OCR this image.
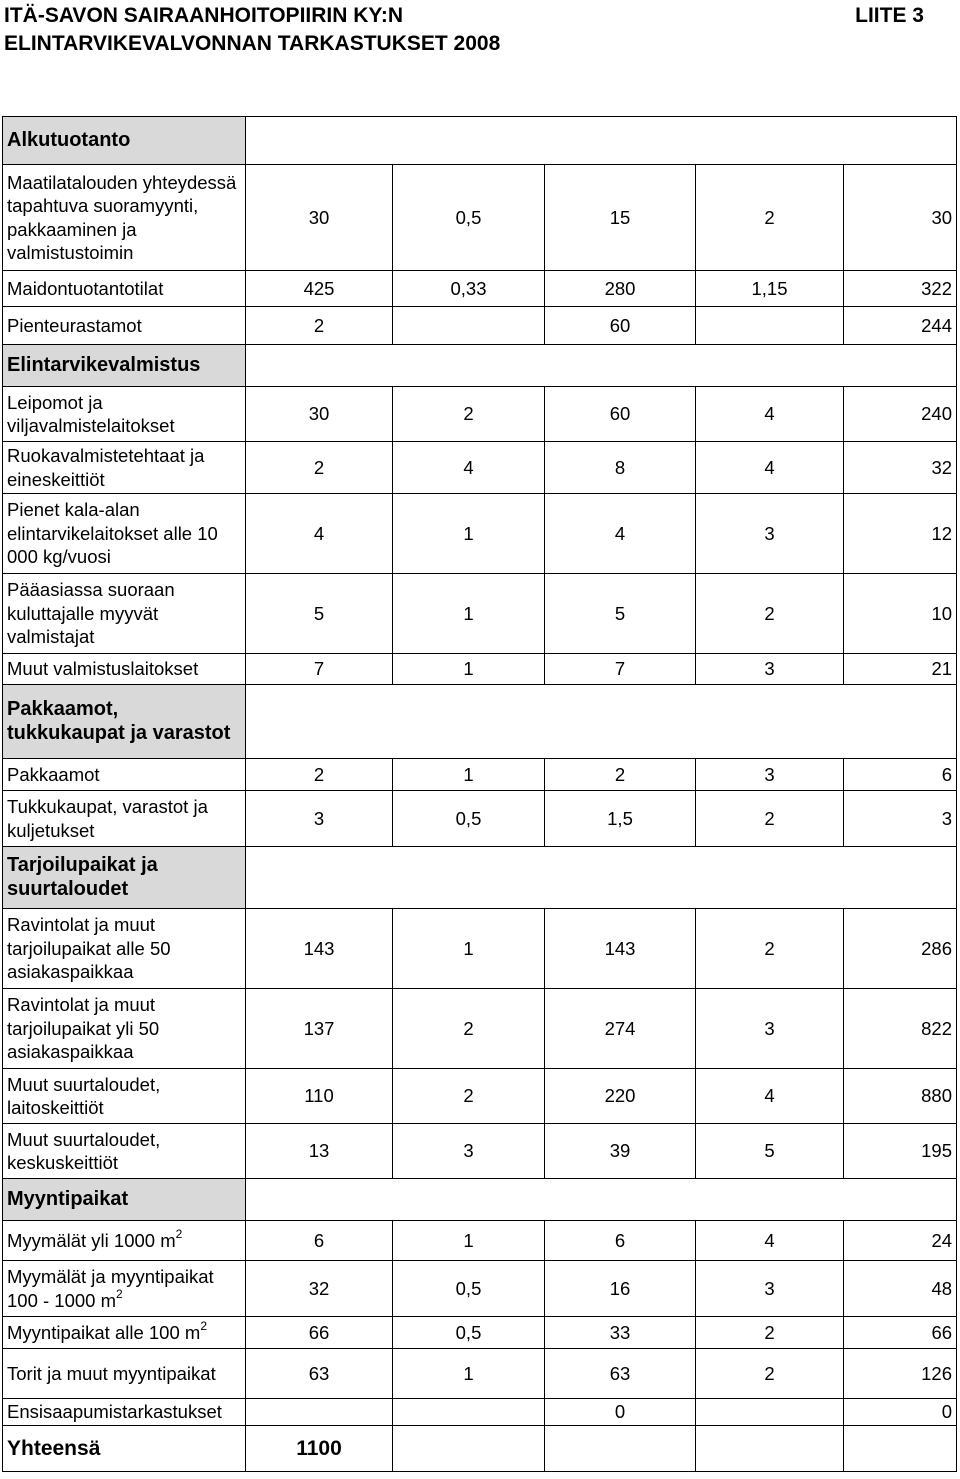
ITÄ-SAVON SAIRAANHOITOPIIRIN KY:N	LIITE 3
ELINTARVIKEVALVONNAN TARKASTUKSET 2008
Alkutuotanto					
Maatilatalouden yhteydessä tapahtuva suoramyynti, pakkaaminen ja valmistustoimin	30	0,5	15	2	30
Maidontuotantotilat	425	0,33	280	1,15	322
Pienteurastamot	2		60		244
Elintarvikevalmistus					
Leipomot ja viljavalmistelaitokset	30	2	60	4	240
Ruokavalmistetehtaat ja eineskeittiöt	2	4	8	4	32
Pienet kala-alan elintarvikelaitokset alle 10 000 kg/vuosi	4	1	4	3	12
Pääasiassa suoraan kuluttajalle myyvät valmistajat	5	1	5	2	10
Muut valmistuslaitokset	7	1	7	3	21
Pakkaamot, tukkukaupat ja varastot					
Pakkaamot	2	1	2	3	6
Tukkukaupat, varastot ja kuljetukset	3	0,5	1,5	2	3
Tarjoilupaikat ja suurtaloudet					
Ravintolat ja muut tarjoilupaikat alle 50 asiakaspaikkaa	143	1	143	2	286
Ravintolat ja muut tarjoilupaikat yli 50 asiakaspaikkaa	137	2	274	3	822
Muut suurtaloudet, laitoskeittiöt	110	2	220	4	880
Muut suurtaloudet, keskuskeittiöt	13	3	39	5	195
Myyntipaikat					
Myymälät yli 1000 $m^2$	6	1	6	4	24
Myymälät ja myyntipaikat 100 - 1000 $m^2$	32	0,5	16	3	48
Myyntipaikat alle 100 $m^2$	66	0,5	33	2	66
Torit ja muut myyntipaikat	63	1	63	2	126
Ensisaapumistarkastukset			0		0
Yhteensä	1100				
